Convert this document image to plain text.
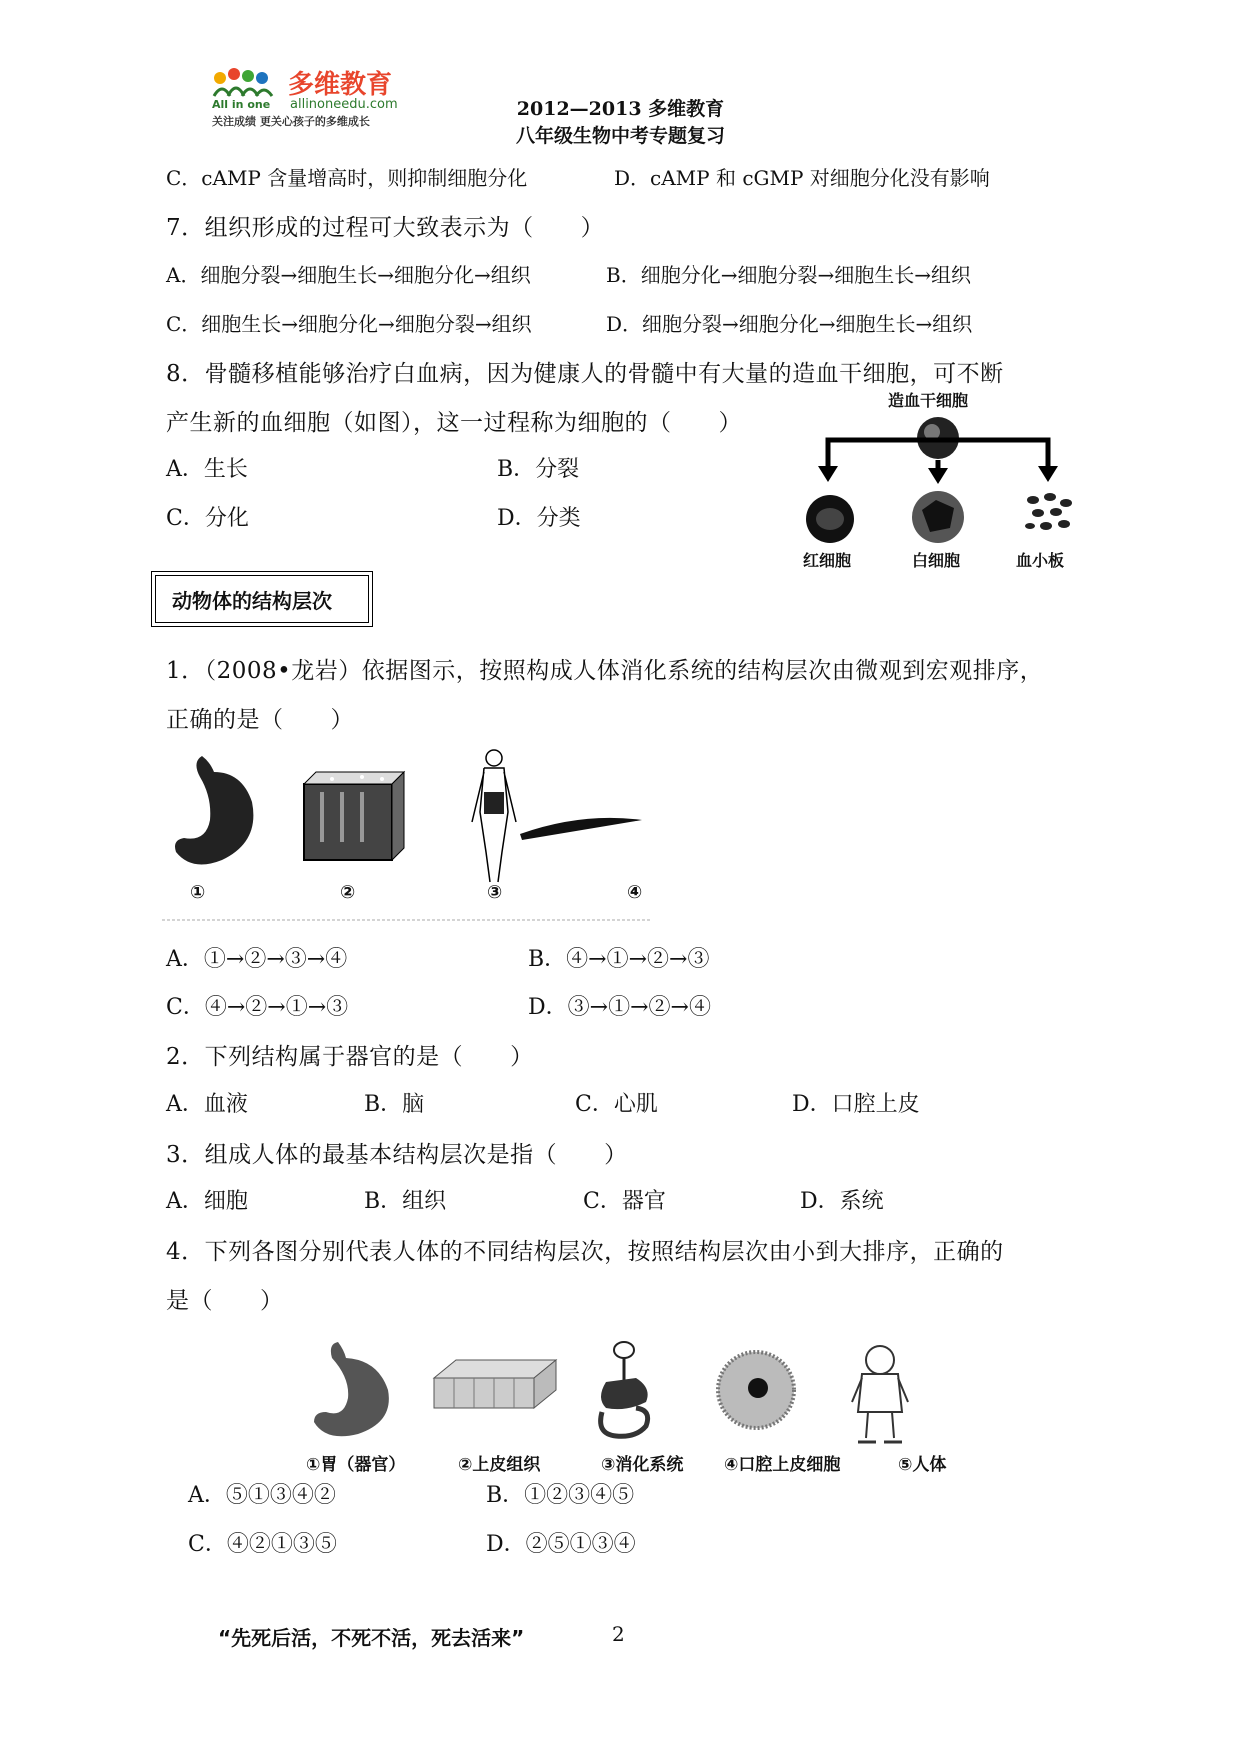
多维教育
All in one allinoneedu.com
关注成绩 更关心孩子的多维成长
2012—2013 多维教育
八年级生物中考专题复习
C．cAMP 含量增高时，则抑制细胞分化	D．cAMP 和 cGMP 对细胞分化没有影响
7．组织形成的过程可大致表示为（　　）
A．细胞分裂→细胞生长→细胞分化→组织	B．细胞分化→细胞分裂→细胞生长→组织
C．细胞生长→细胞分化→细胞分裂→组织	D．细胞分裂→细胞分化→细胞生长→组织
8．骨髓移植能够治疗白血病，因为健康人的骨髓中有大量的造血干细胞，可不断
产生新的血细胞（如图），这一过程称为细胞的（　　）
A．生长	B．分裂
C．分化	D．分类
造血干细胞
红细胞	白细胞	血小板
动物体的结构层次
1．（2008•龙岩）依据图示，按照构成人体消化系统的结构层次由微观到宏观排序，
正确的是（　　）
①	②	③	④
A．①→②→③→④	B．④→①→②→③
C．④→②→①→③	D．③→①→②→④
2．下列结构属于器官的是（　　）
A．血液	B．脑	C．心肌	D．口腔上皮
3．组成人体的最基本结构层次是指（　　）
A．细胞	B．组织	C．器官	D．系统
4．下列各图分别代表人体的不同结构层次，按照结构层次由小到大排序，正确的
是（　　）
①胃（器官）	②上皮组织	③消化系统 ④口腔上皮细胞	⑤人体
A．⑤①③④②	B．①②③④⑤
C．④②①③⑤	D．②⑤①③④
“先死后活，不死不活，死去活来”	2
